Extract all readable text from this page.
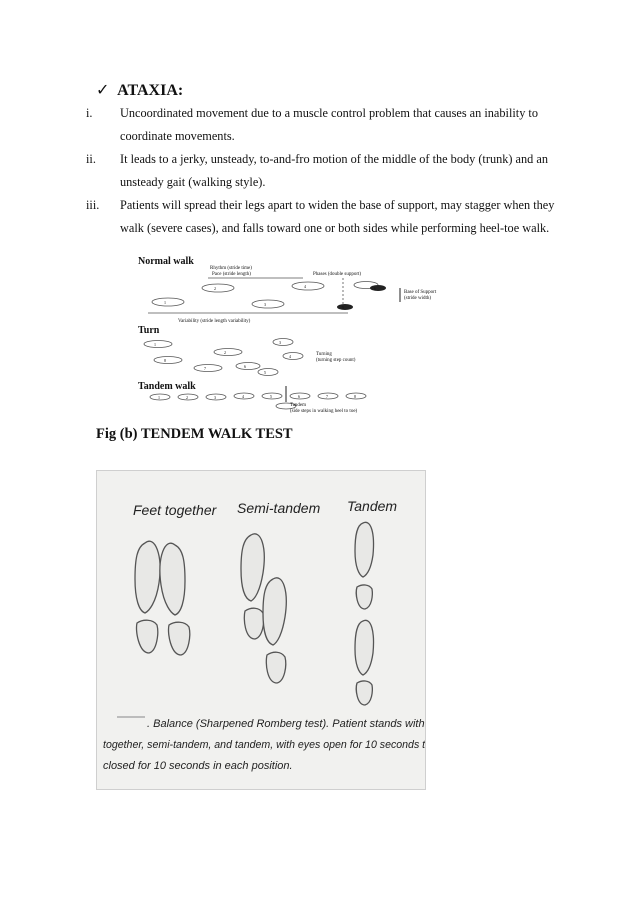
✓ ATAXIA:
i.	Uncoordinated movement due to a muscle control problem that causes an inability to coordinate movements.
ii.	It leads to a jerky, unsteady, to-and-fro motion of the middle of the body (trunk) and an unsteady gait (walking style).
iii.	Patients will spread their legs apart to widen the base of support, may stagger when they walk (severe cases), and falls toward one or both sides while performing heel-toe walk.
Normal walk
Rhythm (stride time)
Pace (stride length)	Phases (double support)
Base of Support
(stride width)
Variability (stride length variability)
Turn
Turning
(turning step count)
Tandem walk
Tandem
(side steps in walking heel to toe)
1
2
3
4
5
6
1
2
3
4
5
6
7
8
1	2	3	4	5	6	7	8
Fig (b) TENDEM WALK TEST
Feet together Semi-tandem Tandem
. Balance (Sharpened Romberg test). Patient stands with feet
together, semi-tandem, and tandem, with eyes open for 10 seconds then
closed for 10 seconds in each position.
